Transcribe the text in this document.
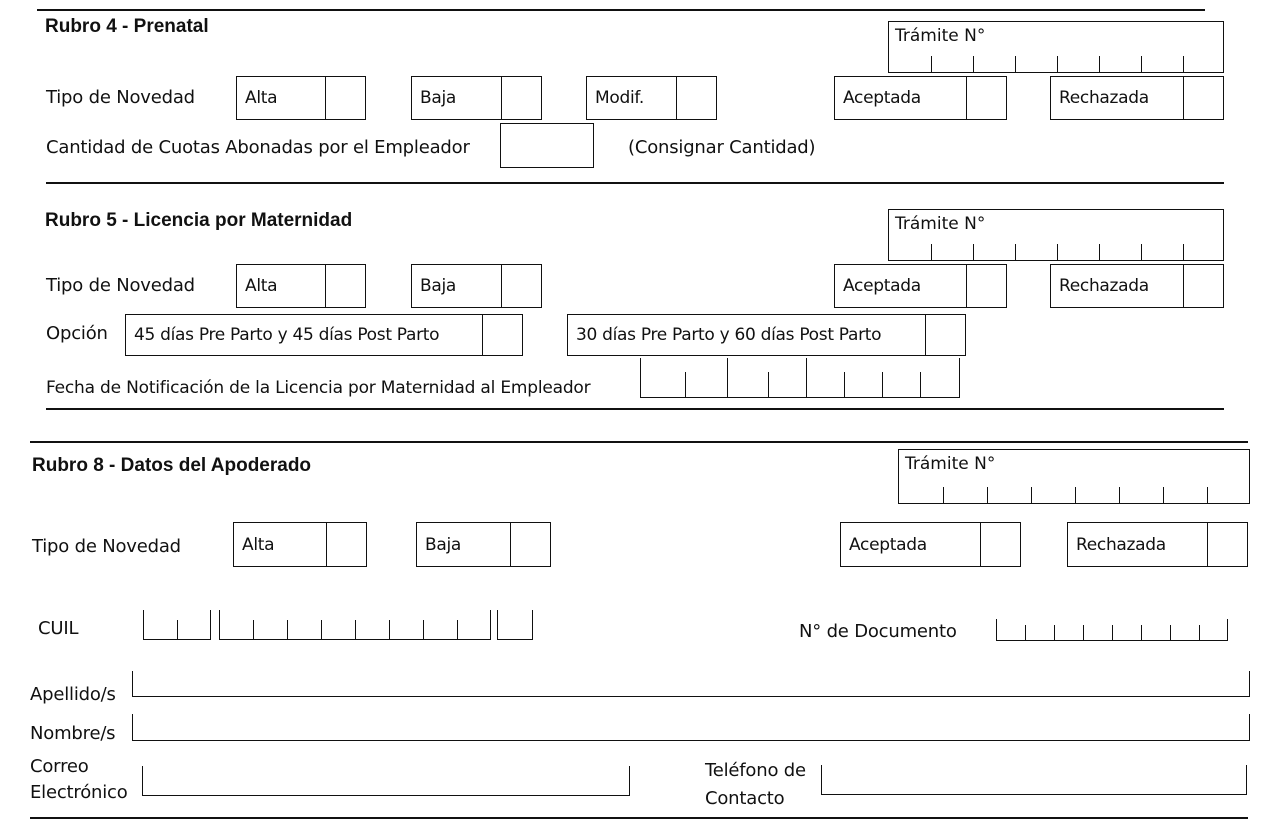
Rubro 4 - Prenatal	Trámite N°
Tipo de Novedad	Alta	Baja	Modif.	Aceptada	Rechazada
Cantidad de Cuotas Abonadas por el Empleador	(Consignar Cantidad)
Rubro 5 - Licencia por Maternidad	Trámite N°
Tipo de Novedad	Alta	Baja	Aceptada	Rechazada
Opción	45 días Pre Parto y 45 días Post Parto	30 días Pre Parto y 60 días Post Parto
Fecha de Notificación de la Licencia por Maternidad al Empleador
Rubro 8 - Datos del Apoderado	Trámite N°
Tipo de Novedad	Alta	Baja	Aceptada	Rechazada
CUIL	N° de Documento
Apellido/s
Nombre/s
Correo
Electrónico
Teléfono de
Contacto
